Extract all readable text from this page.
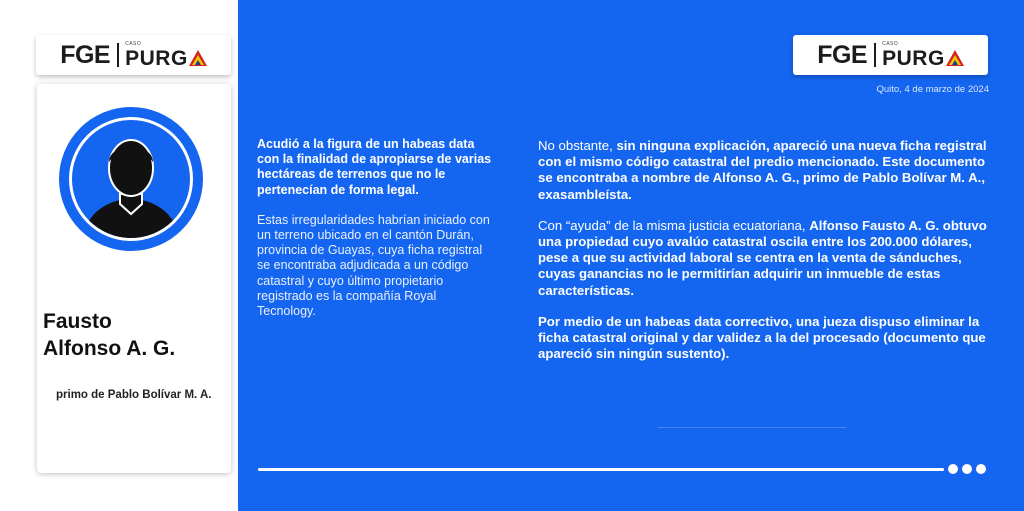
FGE	CASO
PURG	FGE	CASO
PURG
Quito, 4 de marzo de 2024
Fausto
Alfonso A. G.
primo de Pablo Bolívar M. A.

Acudió a la figura de un habeas data con la finalidad de apropiarse de varias hectáreas de terrenos que no le pertenecían de forma legal.

Estas irregularidades habrían iniciado con un terreno ubicado en el cantón Durán, provincia de Guayas, cuya ficha registral se encontraba adjudicada a un código catastral y cuyo último propietario registrado es la compañía Royal Tecnology.

No obstante, sin ninguna explicación, apareció una nueva ficha registral con el mismo código catastral del predio mencionado. Este documento se encontraba a nombre de Alfonso A. G., primo de Pablo Bolívar M. A., exasambleísta.

Con “ayuda” de la misma justicia ecuatoriana, Alfonso Fausto A. G. obtuvo una propiedad cuyo avalúo catastral oscila entre los 200.000 dólares, pese a que su actividad laboral se centra en la venta de sánduches, cuyas ganancias no le permitirían adquirir un inmueble de estas características.

Por medio de un habeas data correctivo, una jueza dispuso eliminar la ficha catastral original y dar validez a la del procesado (documento que apareció sin ningún sustento).
